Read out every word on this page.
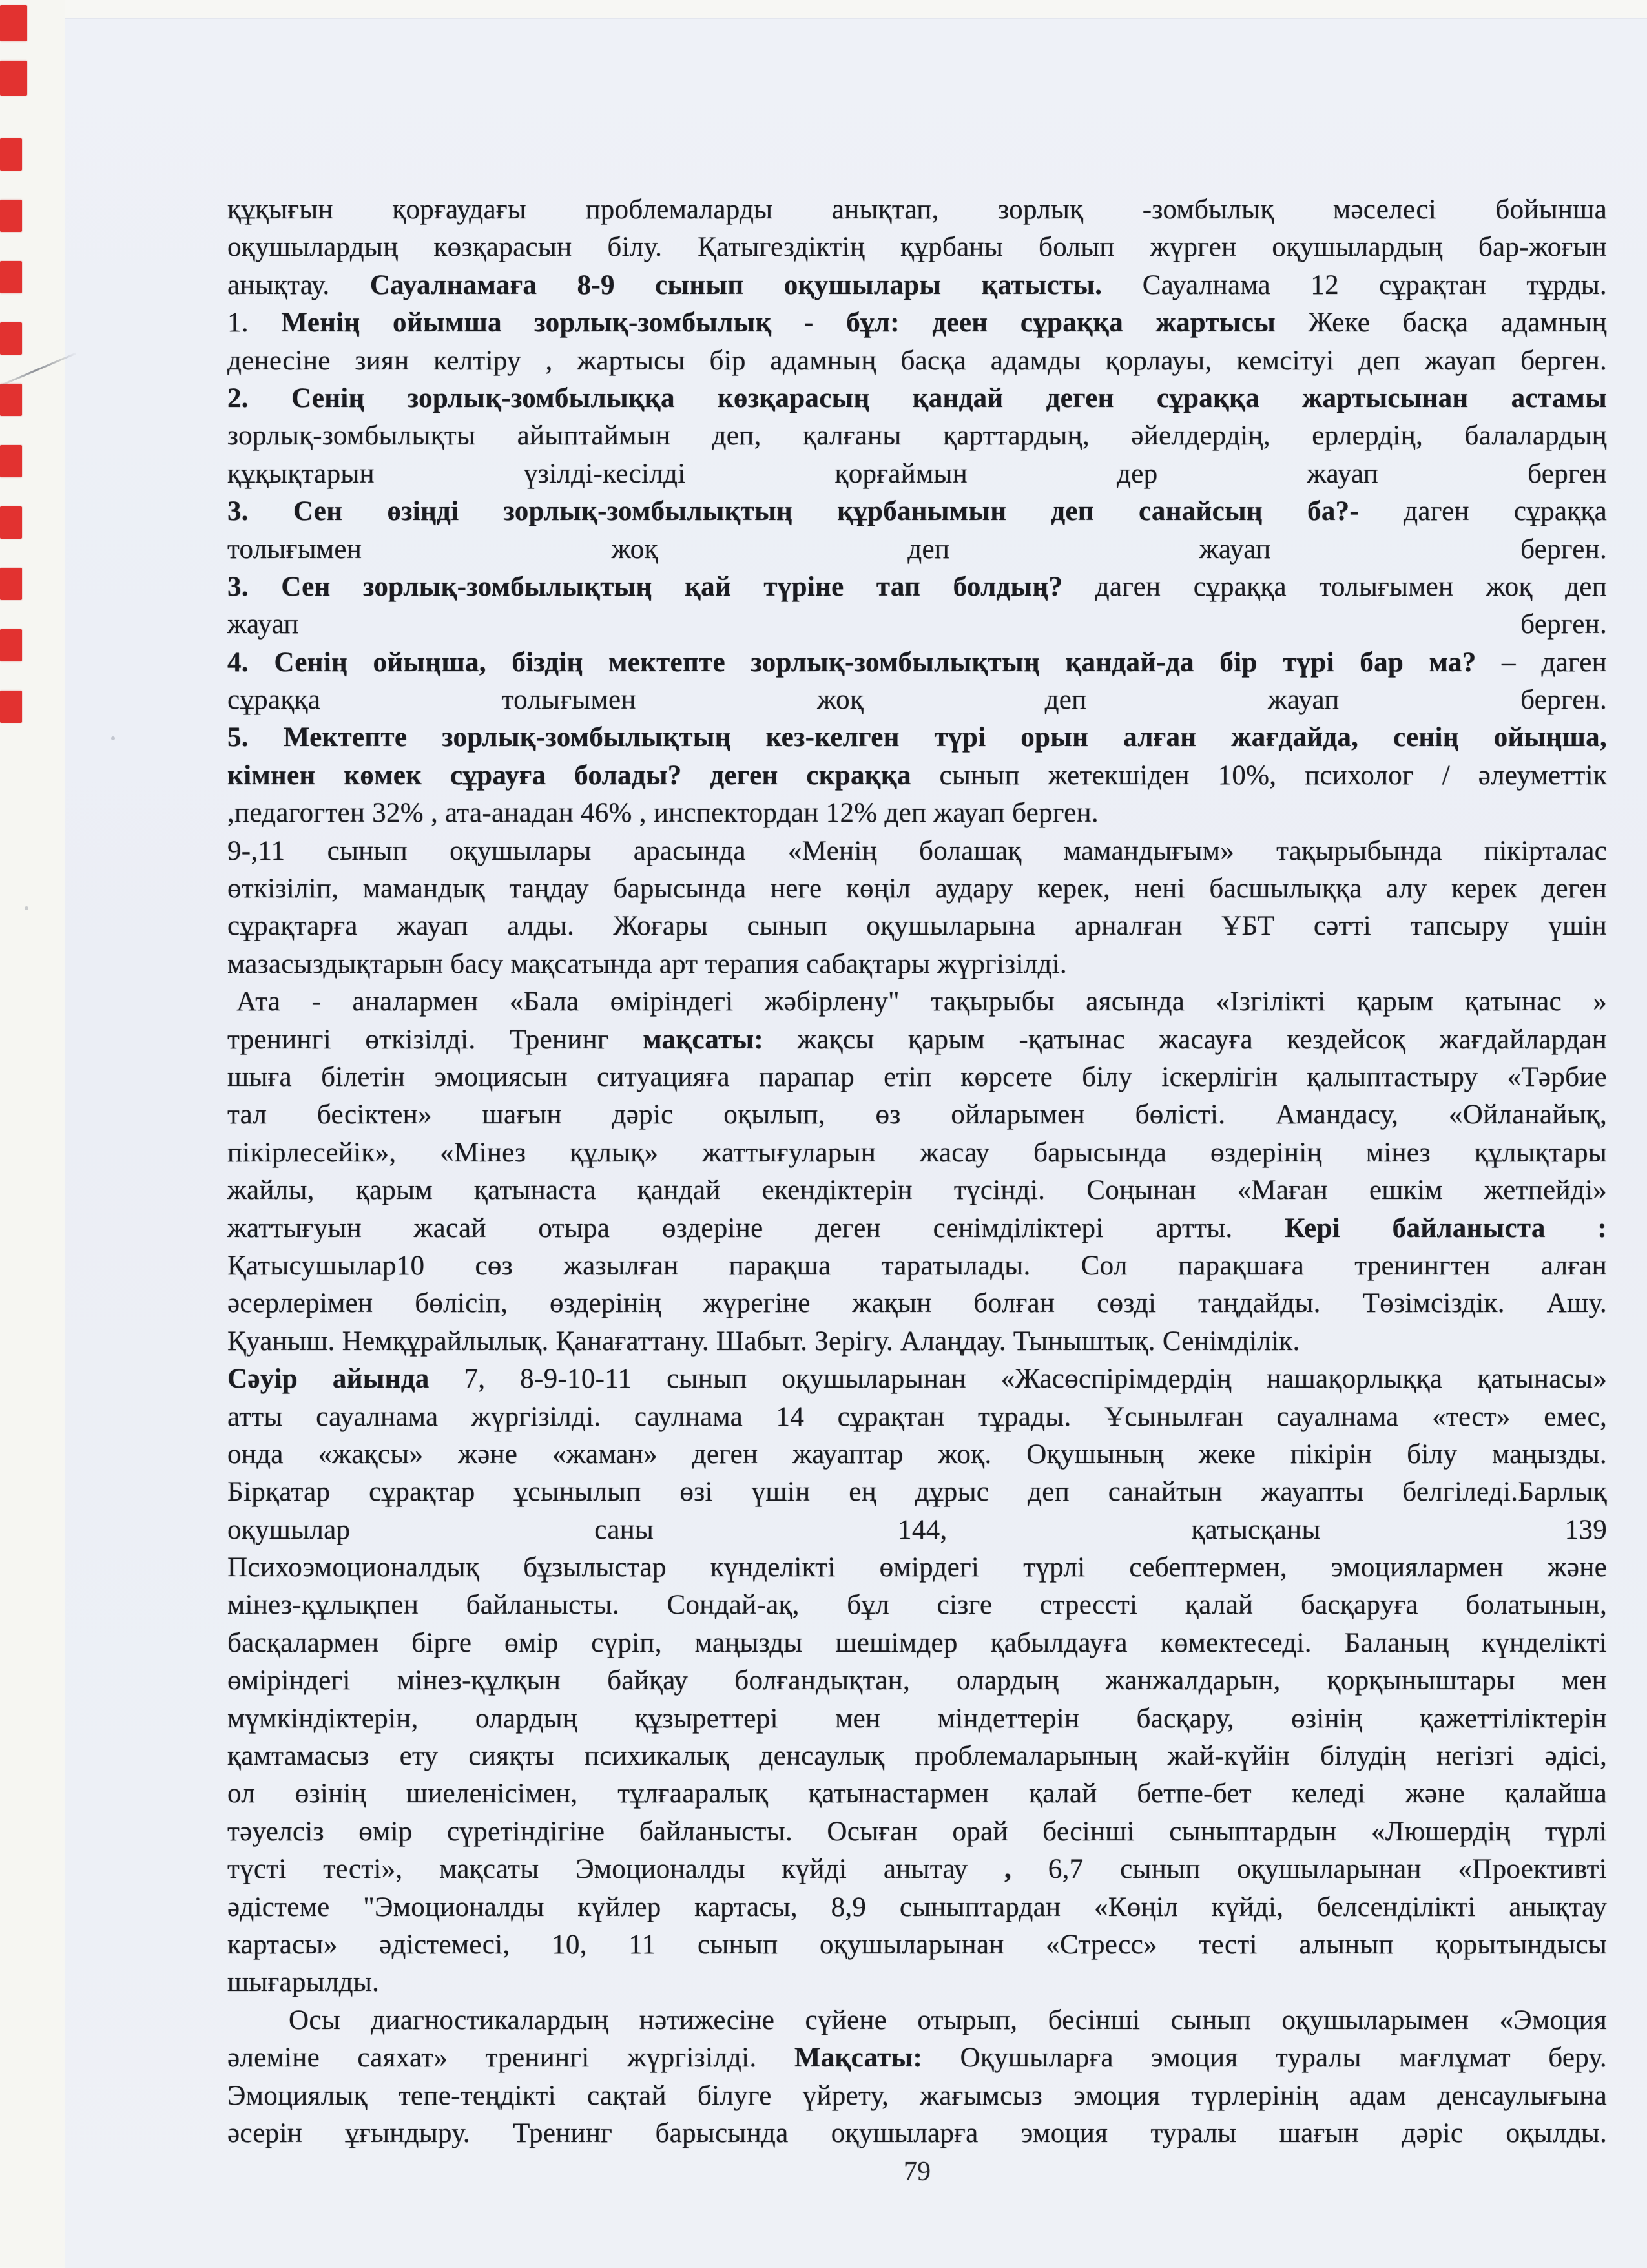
құқығын қорғаудағы проблемаларды анықтап, зорлық -зомбылық мәселесі бойынша
оқушылардың көзқарасын білу. Қатыгездіктің құрбаны болып жүрген оқушылардың бар-жоғын
анықтау. Сауалнамаға 8-9 сынып оқушылары қатысты. Сауалнама 12 сұрақтан тұрды.
1. Менің ойымша зорлық-зомбылық - бұл: деен сұраққа жартысы Жеке басқа адамның
денесіне зиян келтіру , жартысы бір адамның басқа адамды қорлауы, кемсітуі деп жауап берген.
2. Сенің зорлық-зомбылыққа көзқарасың қандай деген сұраққа жартысынан астамы
зорлық-зомбылықты айыптаймын деп, қалғаны қарттардың, әйелдердің, ерлердің, балалардың
құқықтарын үзілді-кесілді қорғаймын дер жауап берген
3. Сен өзіңді зорлық-зомбылықтың құрбанымын деп санайсың ба?- даген сұраққа
толығымен жоқ деп жауап берген.
3. Сен зорлық-зомбылықтың қай түріне тап болдың? даген сұраққа толығымен жоқ деп
жауап берген.
4. Сенің ойыңша, біздің мектепте зорлық-зомбылықтың қандай-да бір түрі бар ма? – даген
сұраққа толығымен жоқ деп жауап берген.
5. Мектепте зорлық-зомбылықтың кез-келген түрі орын алған жағдайда, сенің ойыңша,
кімнен көмек сұрауға болады? деген скраққа сынып жетекшіден 10%, психолог / әлеуметтік
,педагогтен 32% , ата-анадан 46% , инспектордан 12% деп жауап берген.
9-,11 сынып оқушылары арасында «Менің болашақ мамандығым» тақырыбында пікірталас
өткізіліп, мамандық таңдау барысында неге көңіл аудару керек, нені басшылыққа алу керек деген
сұрақтарға жауап алды. Жоғары сынып оқушыларына арналған ҰБТ сәтті тапсыру үшін
мазасыздықтарын басу мақсатында арт терапия сабақтары жүргізілді.
Ата - аналармен «Бала өміріндегі жәбірлену" тақырыбы аясында «Ізгілікті қарым қатынас »
тренингі өткізілді. Тренинг мақсаты: жақсы қарым -қатынас жасауға кездейсоқ жағдайлардан
шыға білетін эмоциясын ситуацияға парапар етіп көрсете білу іскерлігін қалыптастыру «Тәрбие
тал бесіктен» шағын дәріс оқылып, өз ойларымен бөлісті. Амандасу, «Ойланайық,
пікірлесейік», «Мінез құлық» жаттығуларын жасау барысында өздерінің мінез құлықтары
жайлы, қарым қатынаста қандай екендіктерін түсінді. Соңынан «Маған ешкім жетпейді»
жаттығуын жасай отыра өздеріне деген сенімділіктері артты. Кері байланыста :
Қатысушылар10 сөз жазылған парақша таратылады. Сол парақшаға тренингтен алған
әсерлерімен бөлісіп, өздерінің жүрегіне жақын болған сөзді таңдайды. Төзімсіздік. Ашу.
Қуаныш. Немқұрайлылық. Қанағаттану. Шабыт. Зерігу. Алаңдау. Тыныштық. Сенімділік.
Сәуір айында 7, 8-9-10-11 сынып оқушыларынан «Жасөспірімдердің нашақорлыққа қатынасы»
атты сауалнама жүргізілді. саулнама 14 сұрақтан тұрады. Ұсынылған сауалнама «тест» емес,
онда «жақсы» және «жаман» деген жауаптар жоқ. Оқушының жеке пікірін білу маңызды.
Бірқатар сұрақтар ұсынылып өзі үшін ең дұрыс деп санайтын жауапты белгіледі.Барлық
оқушылар саны 144, қатысқаны 139
Психоэмоционалдық бұзылыстар күнделікті өмірдегі түрлі себептермен, эмоциялармен және
мінез-құлықпен байланысты. Сондай-ақ, бұл сізге стрессті қалай басқаруға болатынын,
басқалармен бірге өмір сүріп, маңызды шешімдер қабылдауға көмектеседі. Баланың күнделікті
өміріндегі мінез-құлқын байқау болғандықтан, олардың жанжалдарын, қорқыныштары мен
мүмкіндіктерін, олардың құзыреттері мен міндеттерін басқару, өзінің қажеттіліктерін
қамтамасыз ету сияқты психикалық денсаулық проблемаларының жай-күйін білудің негізгі әдісі,
ол өзінің шиеленісімен, тұлғааралық қатынастармен қалай бетпе-бет келеді және қалайша
тәуелсіз өмір сүретіндігіне байланысты. Осыған орай бесінші сыныптардын «Люшердің түрлі
түсті тесті», мақсаты Эмоционалды күйді анытау , 6,7 сынып оқушыларынан «Проективті
әдістеме "Эмоционалды күйлер картасы, 8,9 сыныптардан «Көңіл күйді, белсенділікті анықтау
картасы» әдістемесі, 10, 11 сынып оқушыларынан «Стресс» тесті алынып қорытындысы
шығарылды.
Осы диагностикалардың нәтижесіне сүйене отырып, бесінші сынып оқушыларымен «Эмоция
әлеміне саяхат» тренингі жүргізілді. Мақсаты: Оқушыларға эмоция туралы мағлұмат беру.
Эмоциялық тепе-теңдікті сақтай білуге үйрету, жағымсыз эмоция түрлерінің адам денсаулығына
әсерін ұғындыру. Тренинг барысында оқушыларға эмоция туралы шағын дәріс оқылды.
79
